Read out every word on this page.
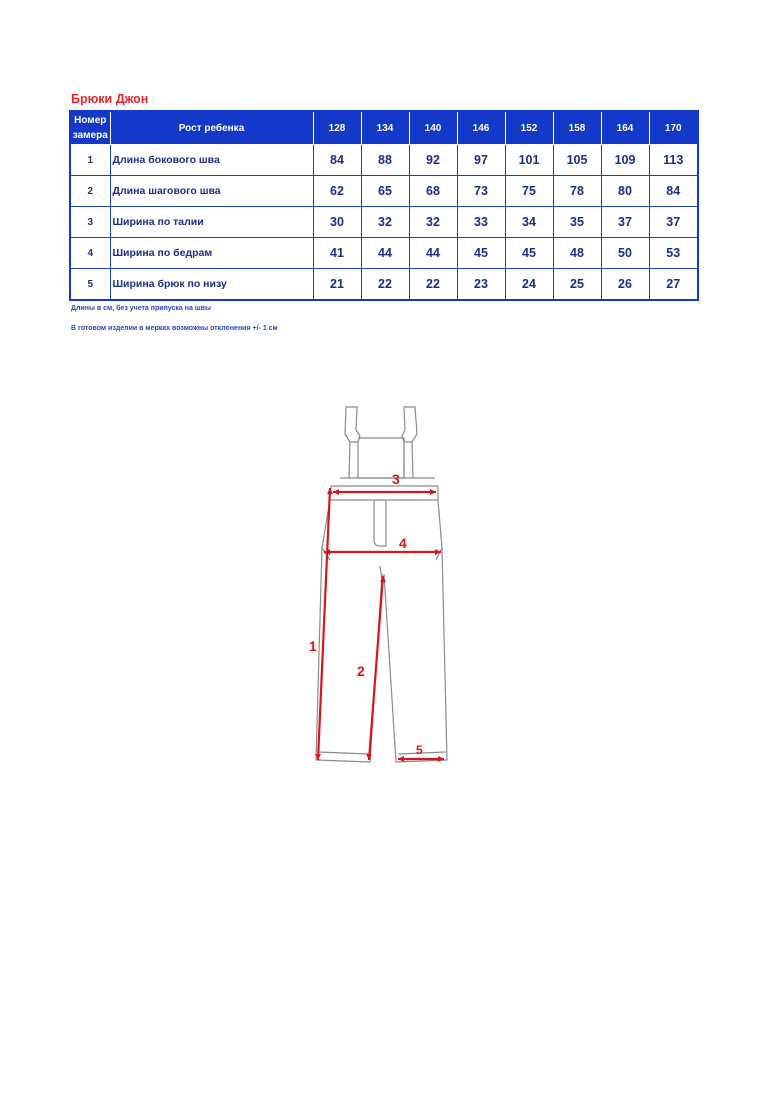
Брюки Джон
Номер
замера	Рост ребенка	128	134	140	146	152	158	164	170
1	Длина бокового шва	84	88	92	97	101	105	109	113
2	Длина шагового шва	62	65	68	73	75	78	80	84
3	Ширина по талии	30	32	32	33	34	35	37	37
4	Ширина по бедрам	41	44	44	45	45	48	50	53
5	Ширина брюк по низу	21	22	22	23	24	25	26	27
Длины в см, без учета припуска на швы
В готовом изделии в мерках возможны отклонения +/- 1 см
3
4
1
2
5
